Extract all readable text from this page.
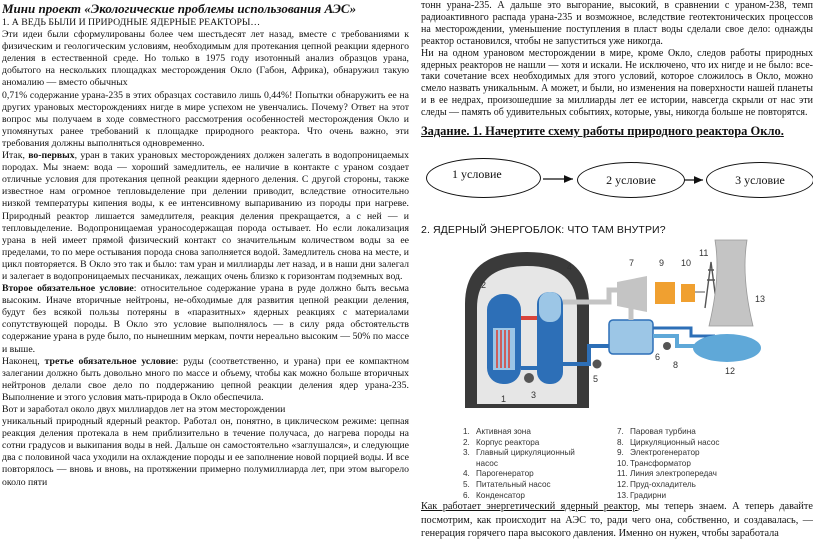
Мини проект «Экологические проблемы использования АЭС»

1. А ВЕДЬ БЫЛИ И ПРИРОДНЫЕ ЯДЕРНЫЕ РЕАКТОРЫ…

Эти идеи были сформулированы более чем шестьдесят лет назад, вместе с требованиями к физическим и геологическим условиям, необходимым для протекания цепной реакции ядерного деления в естественной среде. Но только в 1975 году изотонный анализ образцов урана, добытого на нескольких площадках месторождения Окло (Габон, Африка), обнаружил такую аномалию — вместо обычных

0,71% содержание урана-235 в этих образцах составило лишь 0,44%! Попытки обнаружить ее на других урановых месторождениях нигде в мире успехом не увенчались. Почему? Ответ на этот вопрос мы получаем в ходе совместного рассмотрения особенностей месторождения Окло и упомянутых ранее требований к площадке природного реактора. Что очень важно, эти требования должны выполняться одновременно.

Итак, во-первых, уран в таких урановых месторождениях должен залегать в водопроницаемых породах. Мы знаем: вода — хороший замедлитель, ее наличие в контакте с ураном создает отличные условия для протекания цепной реакции ядерного деления. С другой стороны, также известное нам огромное тепловыделение при делении приводит, вследствие относительно низкой температуры кипения воды, к ее интенсивному выпариванию из породы при нагреве. Природный реактор лишается замедлителя, реакция деления прекращается, а с ней — и тепловыделение. Водопроницаемая ураносодержащая порода остывает. Но если локализация урана в ней имеет прямой физический контакт со значительным количеством воды за ее пределами, то по мере остывания порода снова заполняется водой. Замедлитель снова на месте, и цикл повторяется. В Окло это так и было: там уран и миллиарды лет назад, и в наши дни залегал и залегает в водопроницаемых песчаниках, лежащих очень близко к горизонтам подземных вод.

Второе обязательное условие: относительное содержание урана в руде должно быть весьма высоким. Иначе вторичные нейтроны, не-обходимые для развития цепной реакции деления, будут без всякой пользы потеряны в «паразитных» ядерных реакциях с материалами сопутствующей породы. В Окло это условие выполнялось — в силу ряда обстоятельств содержание урана в руде было, по нынешним меркам, почти нереально высоким — 50% по массе и выше.

Наконец, третье обязательное условие: руды (соответственно, и урана) при ее компактном залегании должно быть довольно много по массе и объему, чтобы как можно больше вторичных нейтронов делали свое дело по поддержанию цепной реакции деления ядер урана-235. Выполнение и этого условия мать-природа в Окло обеспечила.

Вот и заработал около двух миллиардов лет на этом месторождении

уникальный природный ядерный реактор. Работал он, понятно, в циклическом режиме: цепная реакция деления протекала в нем приблизительно в течение получаса, до нагрева породы на сотни градусов и выкипания воды в ней. Дальше он самостоятельно «заглушался», и следующие два с половиной часа уходили на охлаждение породы и ее заполнение новой порцией воды. И все повторялось — вновь и вновь, на протяжении примерно полумиллиарда лет, при этом выгорело около пяти

тонн урана-235. А дальше это выгорание, высокий, в сравнении с ураном-238, темп радиоактивного распада урана-235 и возможное, вследствие геотектонических процессов на месторождении, уменьшение поступления в пласт воды сделали свое дело: однажды реактор остановился, чтобы не запуститься уже никогда.

Ни на одном урановом месторождении в мире, кроме Окло, следов работы природных ядерных реакторов не нашли — хотя и искали. Не исключено, что их нигде и не было: все-таки сочетание всех необходимых для этого условий, которое сложилось в Окло, можно смело назвать уникальным. А может, и были, но изменения на поверхности нашей планеты и в ее недрах, произошедшие за миллиарды лет ее истории, навсегда скрыли от нас эти следы — память об удивительных событиях, которые, увы, никогда больше не повторятся.

Задание. 1. Начертите схему работы природного реактора Окло.
1 условие	2 условие	3 условие
2. ЯДЕРНЫЙ ЭНЕРГОБЛОК: ЧТО ТАМ ВНУТРИ?
1
2
3
4
5
6
7
8
9 10
11
12
13
1. Активная зона
2. Корпус реактора
3. Главный циркуляционный
насос
4. Парогенератор
5. Питательный насос
6. Конденсатор
7. Паровая турбина
8. Циркуляционный насос
9. Электрогенератор
10. Трансформатор
11. Линия электропередач
12. Пруд-охладитель
13. Градирни
Как работает энергетический ядерный реактор, мы теперь знаем. А теперь давайте посмотрим, как происходит на АЭС то, ради чего она, собственно, и создавалась, — генерация горячего пара высокого давления. Именно он нужен, чтобы заработала
